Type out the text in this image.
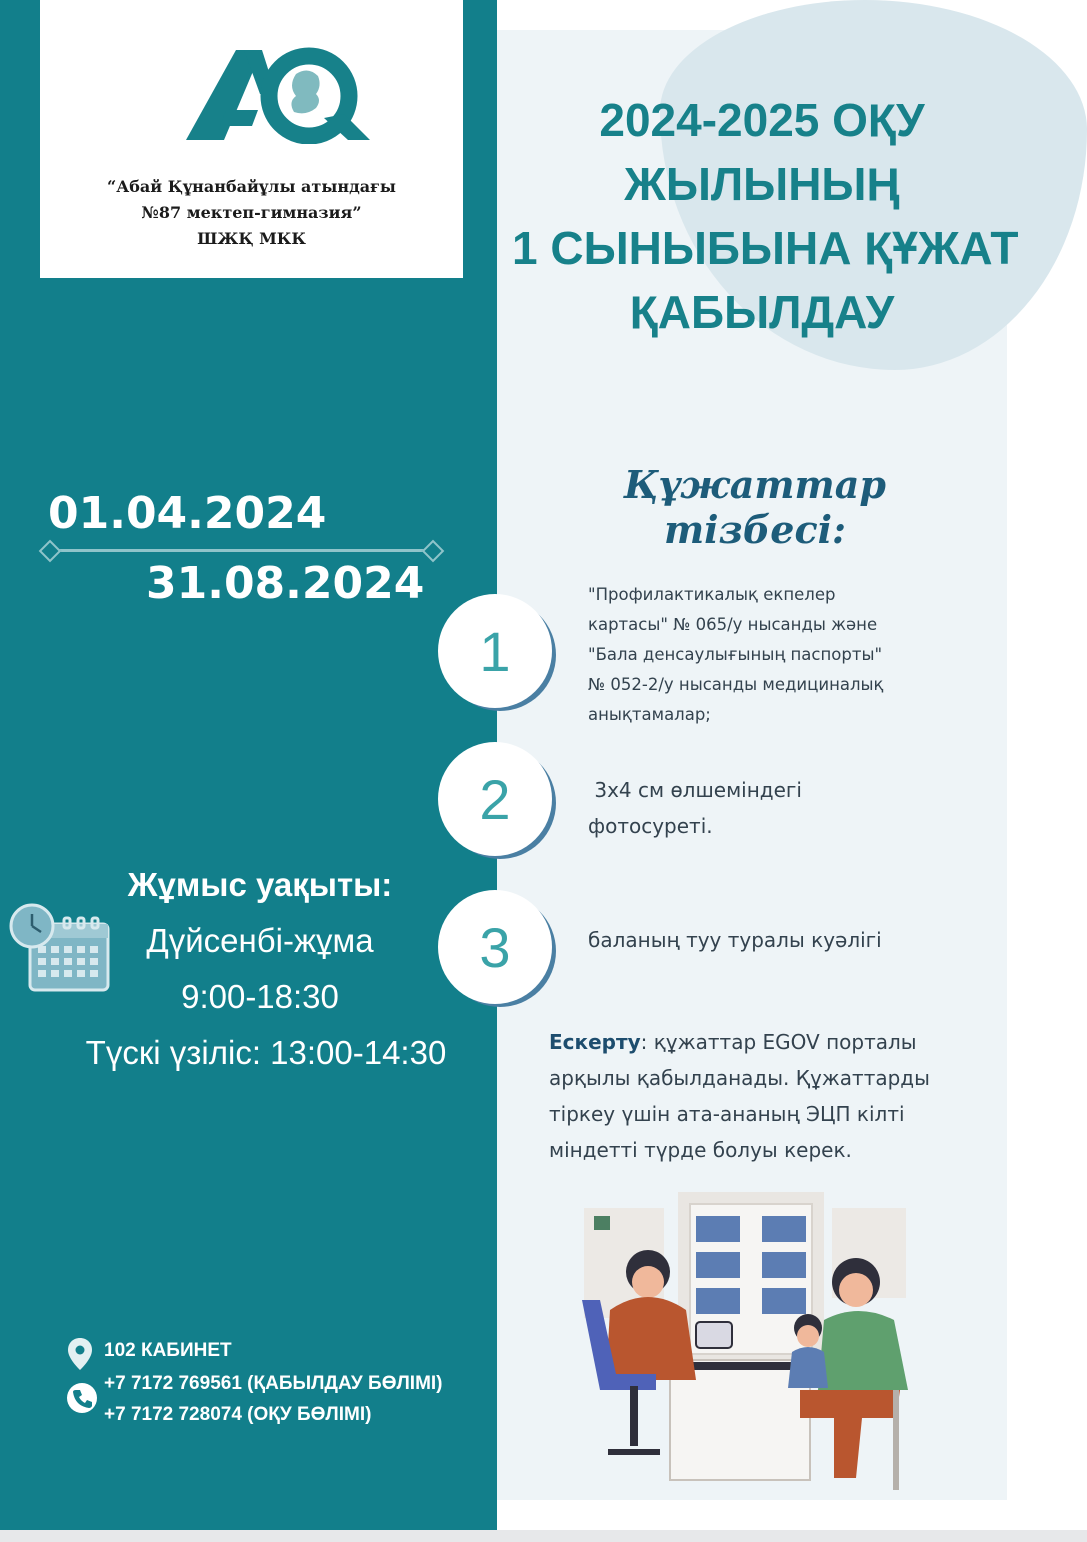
“Абай Құнанбайұлы атындағы
№87 мектеп-гимназия”
ШЖҚ МКК
2024-2025 ОҚУ
ЖЫЛЫНЫҢ
1 СЫНЫБЫНА ҚҰЖАТ
ҚАБЫЛДАУ
01.04.2024
31.08.2024
Жұмыс уақыты:
Дүйсенбі-жұма
9:00-18:30
Түскі үзіліс: 13:00-14:30
Құжаттар тізбесі:
1
"Профилактикалық екпелер
картасы" № 065/у нысанды және
"Бала денсаулығының паспорты"
№ 052-2/у нысанды медициналық
анықтамалар;
2	3х4 см өлшеміндегі
фотосуреті.
3	баланың туу туралы куәлігі
Ескерту: құжаттар EGOV порталы арқылы қабылданады. Құжаттарды тіркеу үшін ата-ананың ЭЦП кілті міндетті түрде болуы керек.
102 КАБИНЕТ
+7 7172 769561 (ҚАБЫЛДАУ БӨЛІМІ)
+7 7172 728074 (ОҚУ БӨЛІМІ)
